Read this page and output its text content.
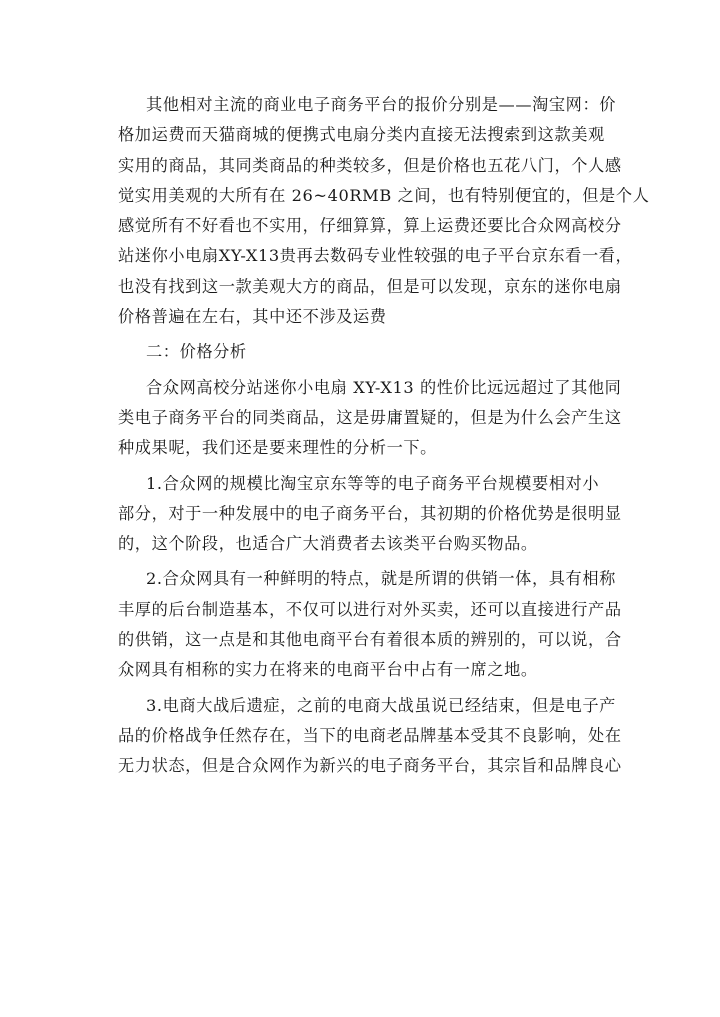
其他相对主流的商业电子商务平台的报价分别是——淘宝网：价
格加运费而天猫商城的便携式电扇分类内直接无法搜索到这款美观
实用的商品，其同类商品的种类较多，但是价格也五花八门，个人感
觉实用美观的大所有在 26~40RMB 之间，也有特别便宜的，但是个人
感觉所有不好看也不实用，仔细算算，算上运费还要比合众网高校分
站迷你小电扇XY-X13贵再去数码专业性较强的电子平台京东看一看，
也没有找到这一款美观大方的商品，但是可以发现，京东的迷你电扇
价格普遍在左右，其中还不涉及运费
二：价格分析
合众网高校分站迷你小电扇 XY-X13 的性价比远远超过了其他同
类电子商务平台的同类商品，这是毋庸置疑的，但是为什么会产生这
种成果呢，我们还是要来理性的分析一下。
1.合众网的规模比淘宝京东等等的电子商务平台规模要相对小
部分，对于一种发展中的电子商务平台，其初期的价格优势是很明显
的，这个阶段，也适合广大消费者去该类平台购买物品。
2.合众网具有一种鲜明的特点，就是所谓的供销一体，具有相称
丰厚的后台制造基本，不仅可以进行对外买卖，还可以直接进行产品
的供销，这一点是和其他电商平台有着很本质的辨别的，可以说，合
众网具有相称的实力在将来的电商平台中占有一席之地。
3.电商大战后遗症，之前的电商大战虽说已经结束，但是电子产
品的价格战争任然存在，当下的电商老品牌基本受其不良影响，处在
无力状态，但是合众网作为新兴的电子商务平台，其宗旨和品牌良心
